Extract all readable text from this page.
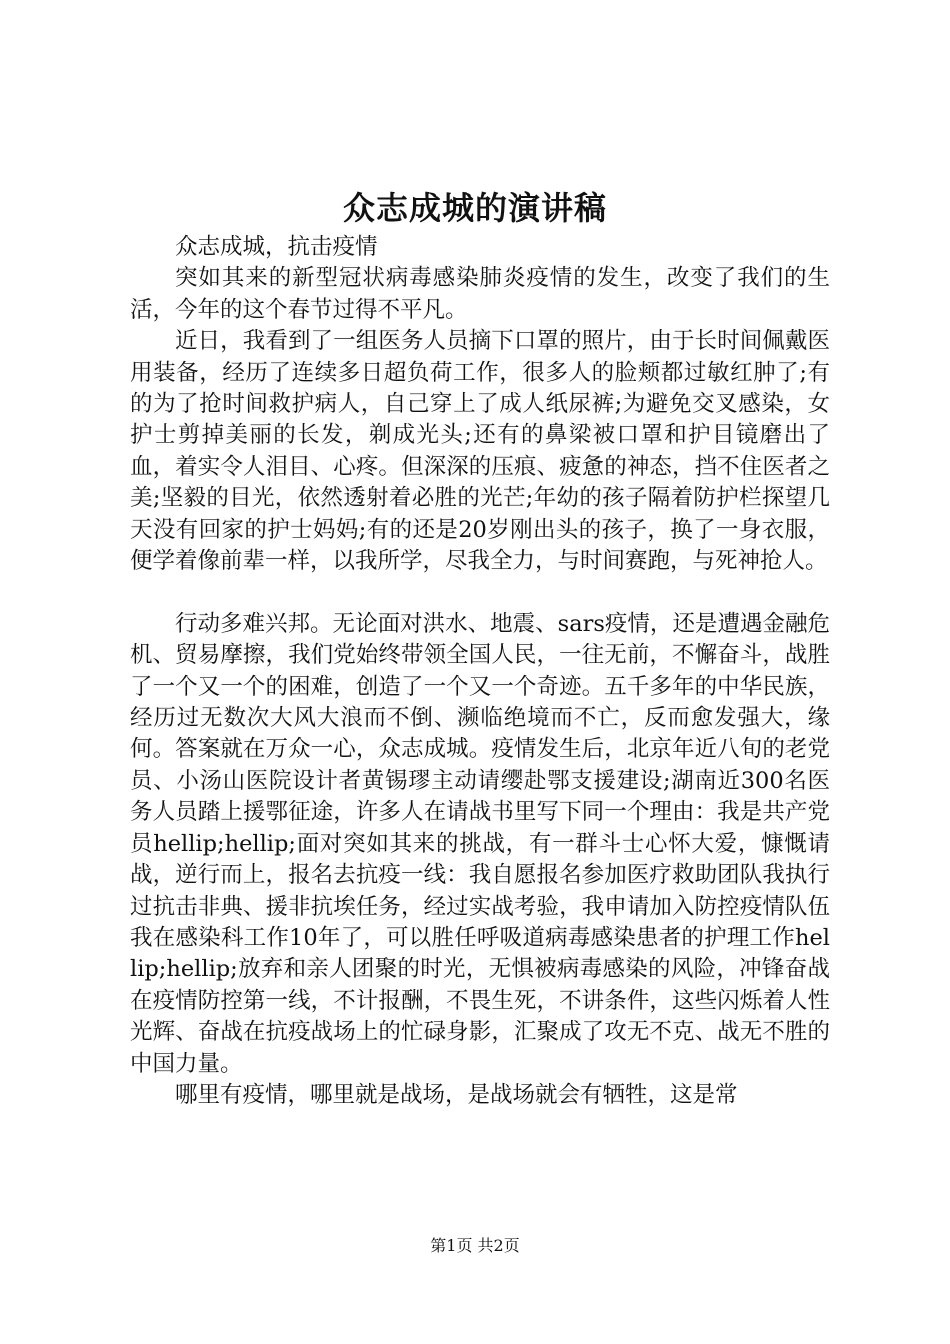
众志成城的演讲稿

众志成城，抗击疫情

突如其来的新型冠状病毒感染肺炎疫情的发生，改变了我们的生活，今年的这个春节过得不平凡。

近日，我看到了一组医务人员摘下口罩的照片，由于长时间佩戴医用装备，经历了连续多日超负荷工作，很多人的脸颊都过敏红肿了;有的为了抢时间救护病人，自己穿上了成人纸尿裤;为避免交叉感染，女护士剪掉美丽的长发，剃成光头;还有的鼻梁被口罩和护目镜磨出了血，着实令人泪目、心疼。但深深的压痕、疲惫的神态，挡不住医者之美;坚毅的目光，依然透射着必胜的光芒;年幼的孩子隔着防护栏探望几天没有回家的护士妈妈;有的还是20岁刚出头的孩子，换了一身衣服，便学着像前辈一样，以我所学，尽我全力，与时间赛跑，与死神抢人。

行动多难兴邦。无论面对洪水、地震、sars疫情，还是遭遇金融危机、贸易摩擦，我们党始终带领全国人民，一往无前，不懈奋斗，战胜了一个又一个的困难，创造了一个又一个奇迹。五千多年的中华民族，经历过无数次大风大浪而不倒、濒临绝境而不亡，反而愈发强大，缘何。答案就在万众一心，众志成城。疫情发生后，北京年近八旬的老党员、小汤山医院设计者黄锡璆主动请缨赴鄂支援建设;湖南近300名医务人员踏上援鄂征途，许多人在请战书里写下同一个理由：我是共产党员hellip;hellip;面对突如其来的挑战，有一群斗士心怀大爱，慷慨请战，逆行而上，报名去抗疫一线：我自愿报名参加医疗救助团队我执行过抗击非典、援非抗埃任务，经过实战考验，我申请加入防控疫情队伍我在感染科工作10年了，可以胜任呼吸道病毒感染患者的护理工作hellip;hellip;放弃和亲人团聚的时光，无惧被病毒感染的风险，冲锋奋战在疫情防控第一线，不计报酬，不畏生死，不讲条件，这些闪烁着人性光辉、奋战在抗疫战场上的忙碌身影，汇聚成了攻无不克、战无不胜的中国力量。

哪里有疫情，哪里就是战场，是战场就会有牺牲，这是常

第1页 共2页
